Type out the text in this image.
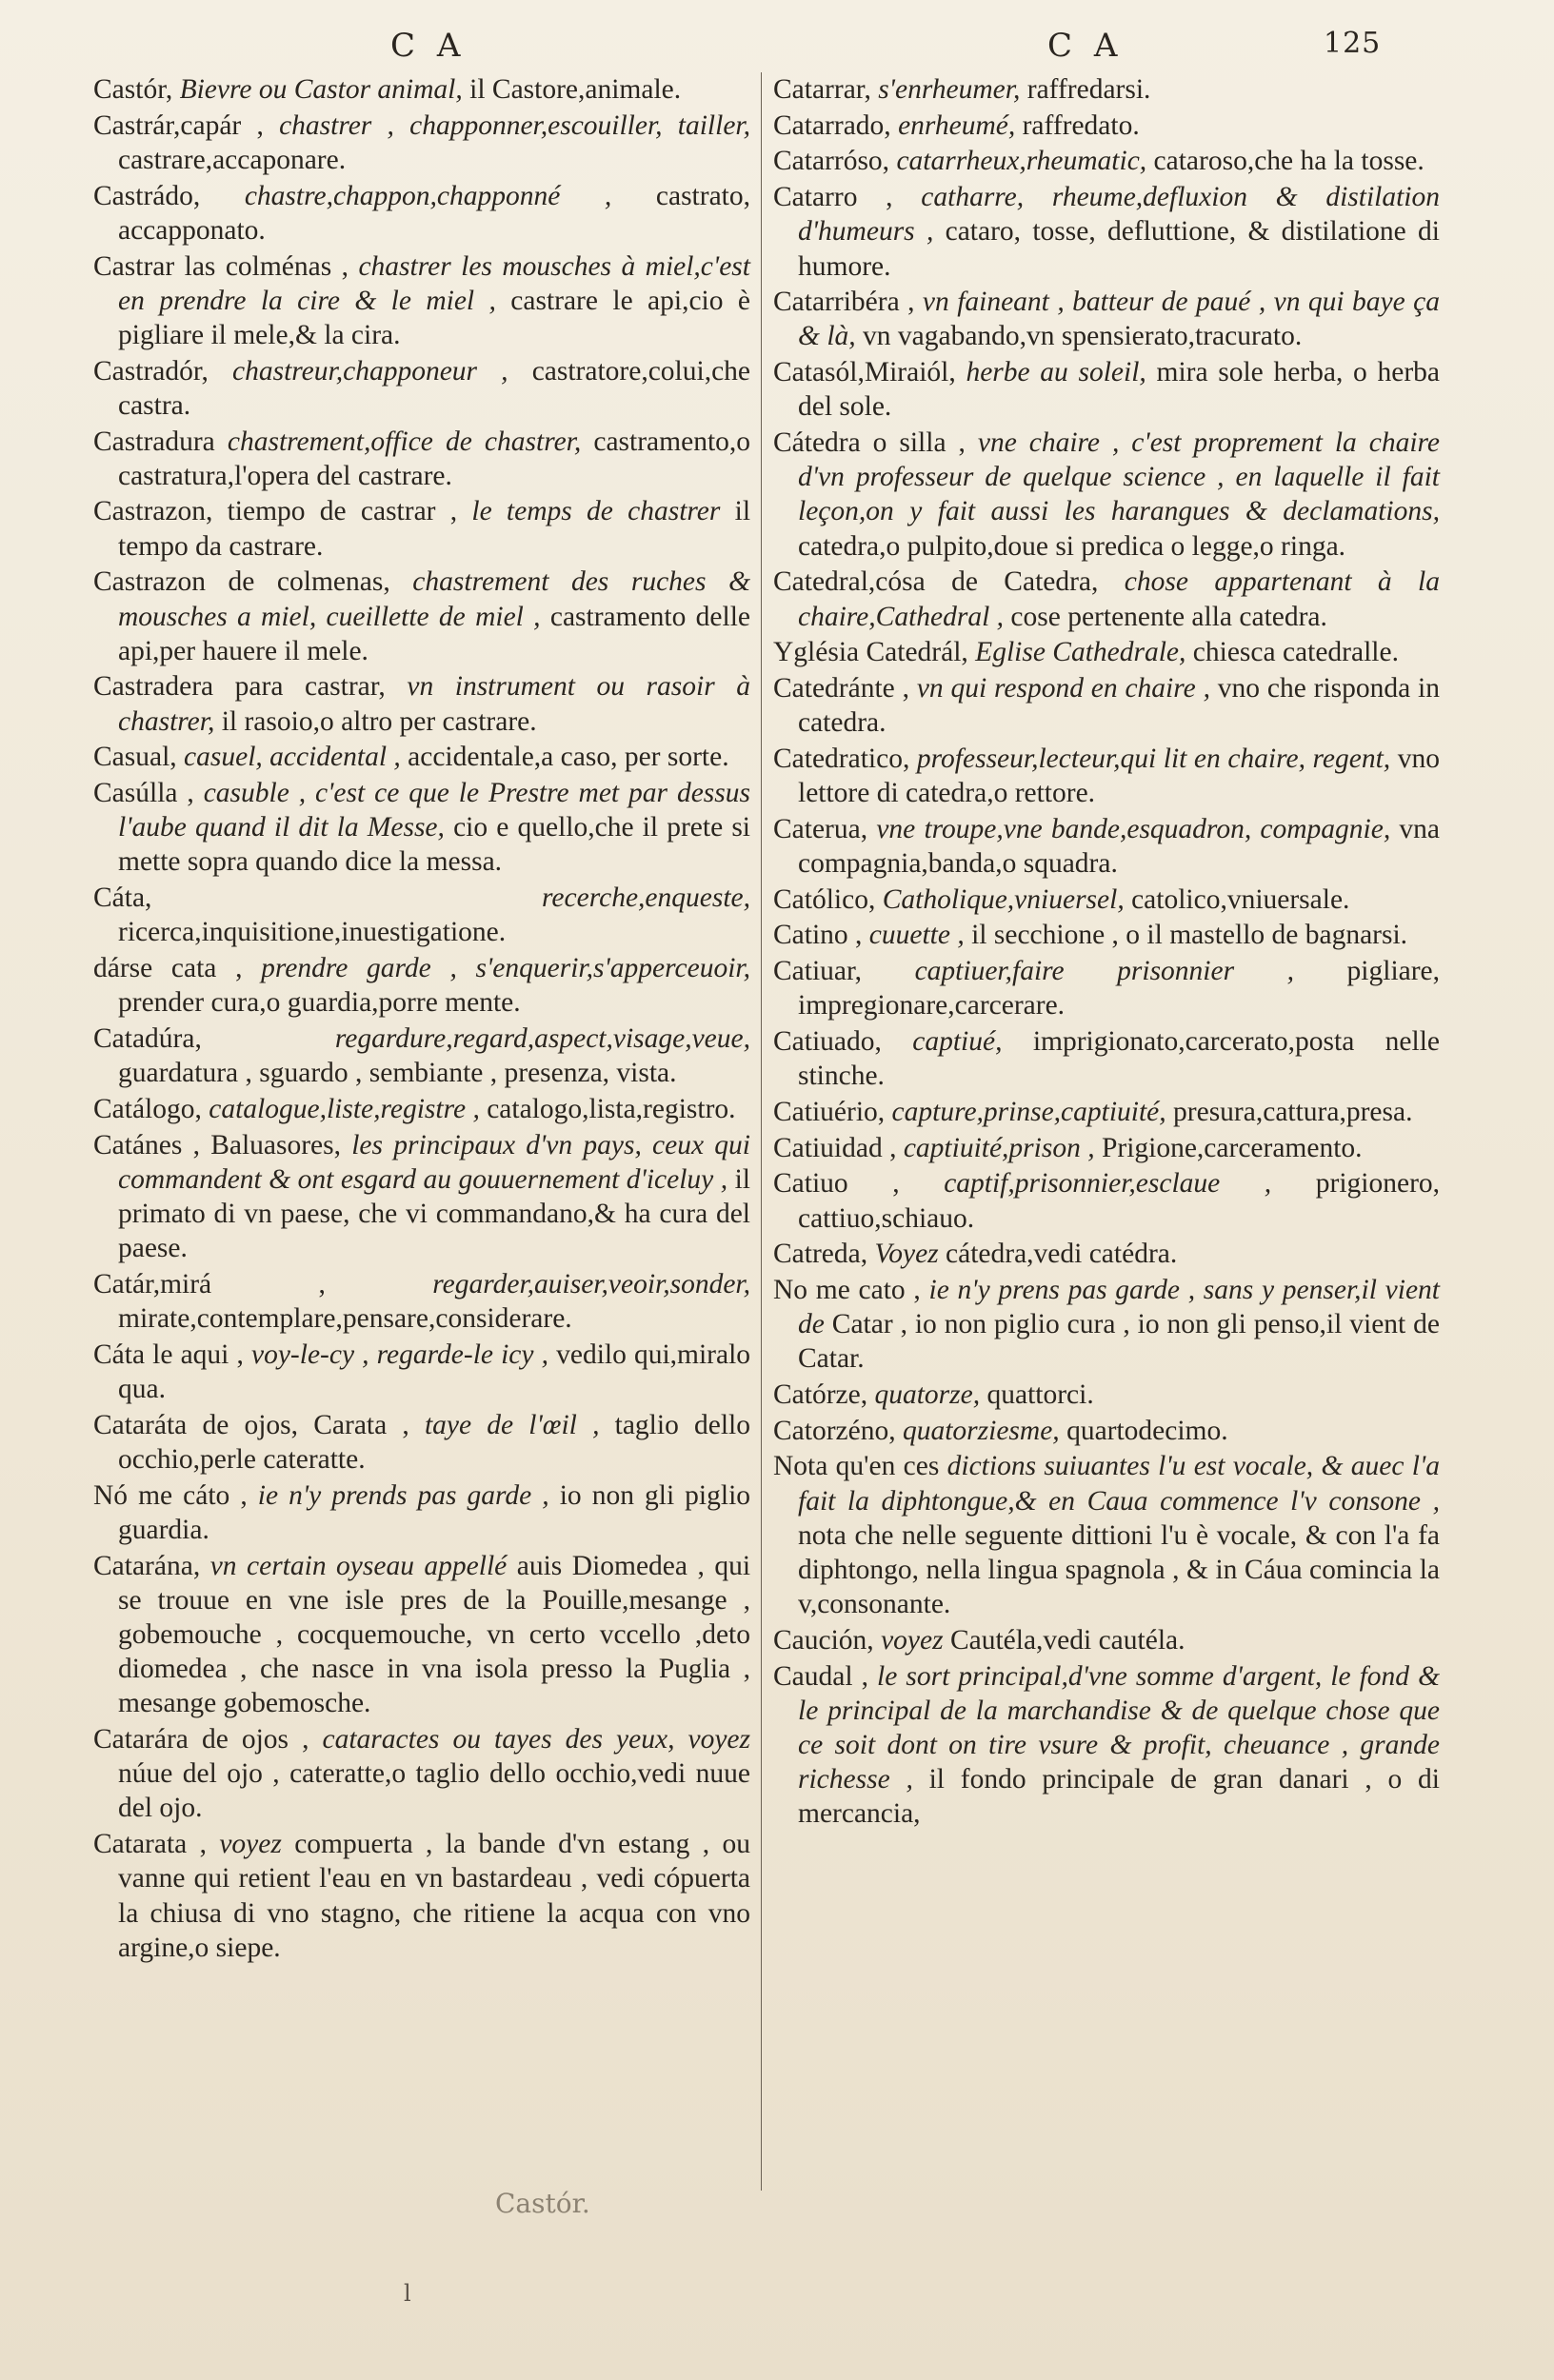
C A	C A	125

Castór, Bievre ou Castor animal, il Castore,animale.

Castrár,capár , chastrer , chapponner,escouiller, tailler, castrare,accaponare.

Castrádo, chastre,chappon,chapponné , castrato, accapponato.

Castrar las colménas , chastrer les mousches à miel,c'est en prendre la cire & le miel , castrare le api,cio è pigliare il mele,& la cira.

Castradór, chastreur,chapponeur , castratore,colui,che castra.

Castradura chastrement,office de chastrer, castramento,o castratura,l'opera del castrare.

Castrazon, tiempo de castrar , le temps de chastrer il tempo da castrare.

Castrazon de colmenas, chastrement des ruches & mousches a miel, cueillette de miel , castramento delle api,per hauere il mele.

Castradera para castrar, vn instrument ou rasoir à chastrer, il rasoio,o altro per castrare.

Casual, casuel, accidental , accidentale,a caso, per sorte.

Casúlla , casuble , c'est ce que le Prestre met par dessus l'aube quand il dit la Messe, cio e quello,che il prete si mette sopra quando dice la messa.

Cáta,	recerche,enqueste, ricerca,inquisitione,inuestigatione.

dárse cata , prendre garde , s'enquerir,s'apperceuoir, prender cura,o guardia,porre mente.

Catadúra,	regardure,regard,aspect,visage,veue, guardatura , sguardo , sembiante , presenza, vista.

Catálogo, catalogue,liste,registre , catalogo,lista,registro.

Catánes , Baluasores, les principaux d'vn pays, ceux qui commandent & ont esgard au gouuernement d'iceluy , il primato di vn paese, che vi commandano,& ha cura del paese.

Catár,mirá ,	regarder,auiser,veoir,sonder, mirate,contemplare,pensare,considerare.

Cáta le aqui , voy-le-cy , regarde-le icy , vedilo qui,miralo qua.

Cataráta de ojos, Carata , taye de l'œil , taglio dello occhio,perle cateratte.

Nó me cáto , ie n'y prends pas garde , io non gli piglio guardia.

Catarána, vn certain oyseau appellé auis Diomedea , qui se trouue en vne isle pres de la Pouille,mesange , gobemouche , cocquemouche, vn certo vccello ,deto diomedea , che nasce in vna isola presso la Puglia , mesange gobemosche.

Catarára de ojos , cataractes ou tayes des yeux, voyez núue del ojo , cateratte,o taglio dello occhio,vedi nuue del ojo.

Catarata , voyez compuerta , la bande d'vn estang , ou vanne qui retient l'eau en vn bastardeau , vedi cópuerta la chiusa di vno stagno, che ritiene la acqua con vno argine,o siepe.

Catarrar, s'enrheumer, raffredarsi.

Catarrado, enrheumé, raffredato.

Catarróso, catarrheux,rheumatic, cataroso,che ha la tosse.

Catarro , catharre, rheume,defluxion & distilation d'humeurs , cataro, tosse, defluttione, & distilatione di humore.

Catarribéra , vn faineant , batteur de paué , vn qui baye ça & là, vn vagabando,vn spensierato,tracurato.

Catasól,Miraiól, herbe au soleil, mira sole herba, o herba del sole.

Cátedra o silla , vne chaire , c'est proprement la chaire d'vn professeur de quelque science , en laquelle il fait leçon,on y fait aussi les harangues & declamations, catedra,o pulpito,doue si predica o legge,o ringa.

Catedral,cósa de Catedra, chose appartenant à la chaire,Cathedral , cose pertenente alla catedra.

Yglésia Catedrál, Eglise Cathedrale, chiesca catedralle.

Catedránte , vn qui respond en chaire , vno che risponda in catedra.

Catedratico, professeur,lecteur,qui lit en chaire, regent, vno lettore di catedra,o rettore.

Caterua, vne troupe,vne bande,esquadron, compagnie, vna compagnia,banda,o squadra.

Católico, Catholique,vniuersel, catolico,vniuersale.

Catino , cuuette , il secchione , o il mastello de bagnarsi.

Catiuar, captiuer,faire prisonnier , pigliare, impregionare,carcerare.

Catiuado, captiué, imprigionato,carcerato,posta nelle stinche.

Catiuério, capture,prinse,captiuité, presura,cattura,presa.

Catiuidad , captiuité,prison , Prigione,carceramento.

Catiuo , captif,prisonnier,esclaue , prigionero, cattiuo,schiauo.

Catreda, Voyez cátedra,vedi catédra.

No me cato , ie n'y prens pas garde , sans y penser,il vient de Catar , io non piglio cura , io non gli penso,il vient de Catar.

Catórze, quatorze, quattorci.

Catorzéno, quatorziesme, quartodecimo.

Nota qu'en ces dictions suiuantes l'u est vocale, & auec l'a fait la diphtongue,& en Caua commence l'v consone , nota che nelle seguente dittioni l'u è vocale, & con l'a fa diphtongo, nella lingua spagnola , & in Cáua comincia la v,consonante.

Caución, voyez Cautéla,vedi cautéla.

Caudal , le sort principal,d'vne somme d'argent, le fond & le principal de la marchandise & de quelque chose que ce soit dont on tire vsure & profit, cheuance , grande richesse , il fondo principale de gran danari , o di mercancia,

Castór.
l
